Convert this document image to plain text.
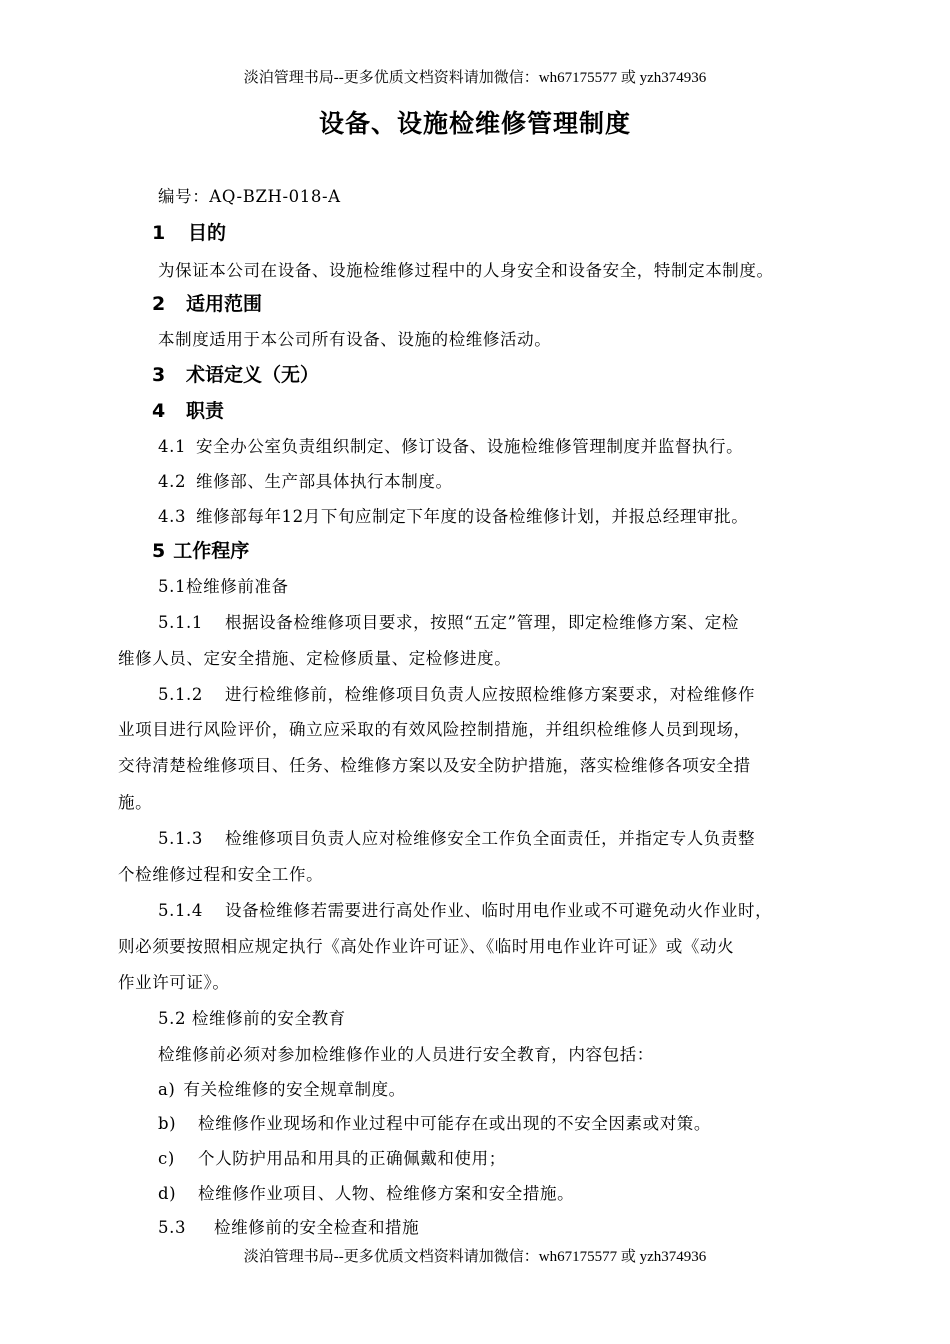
淡泊管理书局--更多优质文档资料请加微信：wh67175577 或 yzh374936
设备、设施检维修管理制度
编号：AQ-BZH-018-A
1 目的
为保证本公司在设备、设施检维修过程中的人身安全和设备安全，特制定本制度。
2 适用范围
本制度适用于本公司所有设备、设施的检维修活动。
3 术语定义（无）
4 职责
4.1 安全办公室负责组织制定、修订设备、设施检维修管理制度并监督执行。
4.2 维修部、生产部具体执行本制度。
4.3 维修部每年12月下旬应制定下年度的设备检维修计划，并报总经理审批。
5 工作程序
5.1检维修前准备
5.1.1 根据设备检维修项目要求，按照“五定”管理，即定检维修方案、定检
维修人员、定安全措施、定检修质量、定检修进度。
5.1.2 进行检维修前，检维修项目负责人应按照检维修方案要求，对检维修作
业项目进行风险评价，确立应采取的有效风险控制措施，并组织检维修人员到现场，
交待清楚检维修项目、任务、检维修方案以及安全防护措施，落实检维修各项安全措
施。
5.1.3 检维修项目负责人应对检维修安全工作负全面责任，并指定专人负责整
个检维修过程和安全工作。
5.1.4 设备检维修若需要进行高处作业、临时用电作业或不可避免动火作业时，
则必须要按照相应规定执行《高处作业许可证》、《临时用电作业许可证》或《动火
作业许可证》。
5.2 检维修前的安全教育
检维修前必须对参加检维修作业的人员进行安全教育，内容包括：
a) 有关检维修的安全规章制度。
b) 检维修作业现场和作业过程中可能存在或出现的不安全因素或对策。
c) 个人防护用品和用具的正确佩戴和使用；
d) 检维修作业项目、人物、检维修方案和安全措施。
5.3 检维修前的安全检查和措施
淡泊管理书局--更多优质文档资料请加微信：wh67175577 或 yzh374936
